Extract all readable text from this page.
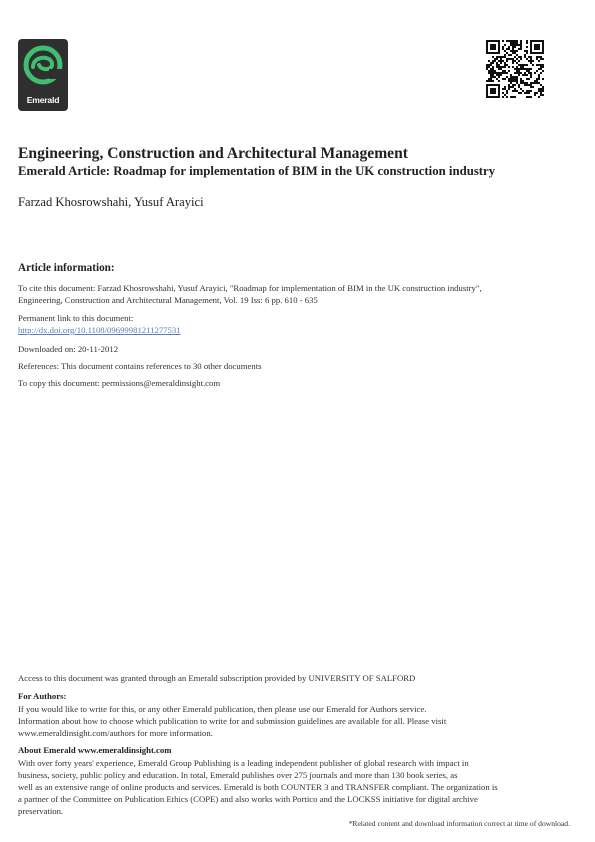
Emerald
Engineering, Construction and Architectural Management
Emerald Article: Roadmap for implementation of BIM in the UK construction industry
Farzad Khosrowshahi, Yusuf Arayici
Article information:
To cite this document: Farzad Khosrowshahi, Yusuf Arayici, "Roadmap for implementation of BIM in the UK construction industry",
Engineering, Construction and Architectural Management, Vol. 19 Iss: 6 pp. 610 - 635
Permanent link to this document:
http://dx.doi.org/10.1108/09699981211277531
Downloaded on: 20-11-2012
References: This document contains references to 30 other documents
To copy this document: permissions@emeraldinsight.com
Access to this document was granted through an Emerald subscription provided by UNIVERSITY OF SALFORD
For Authors:
If you would like to write for this, or any other Emerald publication, then please use our Emerald for Authors service.
Information about how to choose which publication to write for and submission guidelines are available for all. Please visit
www.emeraldinsight.com/authors for more information.
About Emerald www.emeraldinsight.com
With over forty years' experience, Emerald Group Publishing is a leading independent publisher of global research with impact in
business, society, public policy and education. In total, Emerald publishes over 275 journals and more than 130 book series, as
well as an extensive range of online products and services. Emerald is both COUNTER 3 and TRANSFER compliant. The organization is
a partner of the Committee on Publication Ethics (COPE) and also works with Portico and the LOCKSS initiative for digital archive
preservation.
*Related content and download information correct at time of download.
